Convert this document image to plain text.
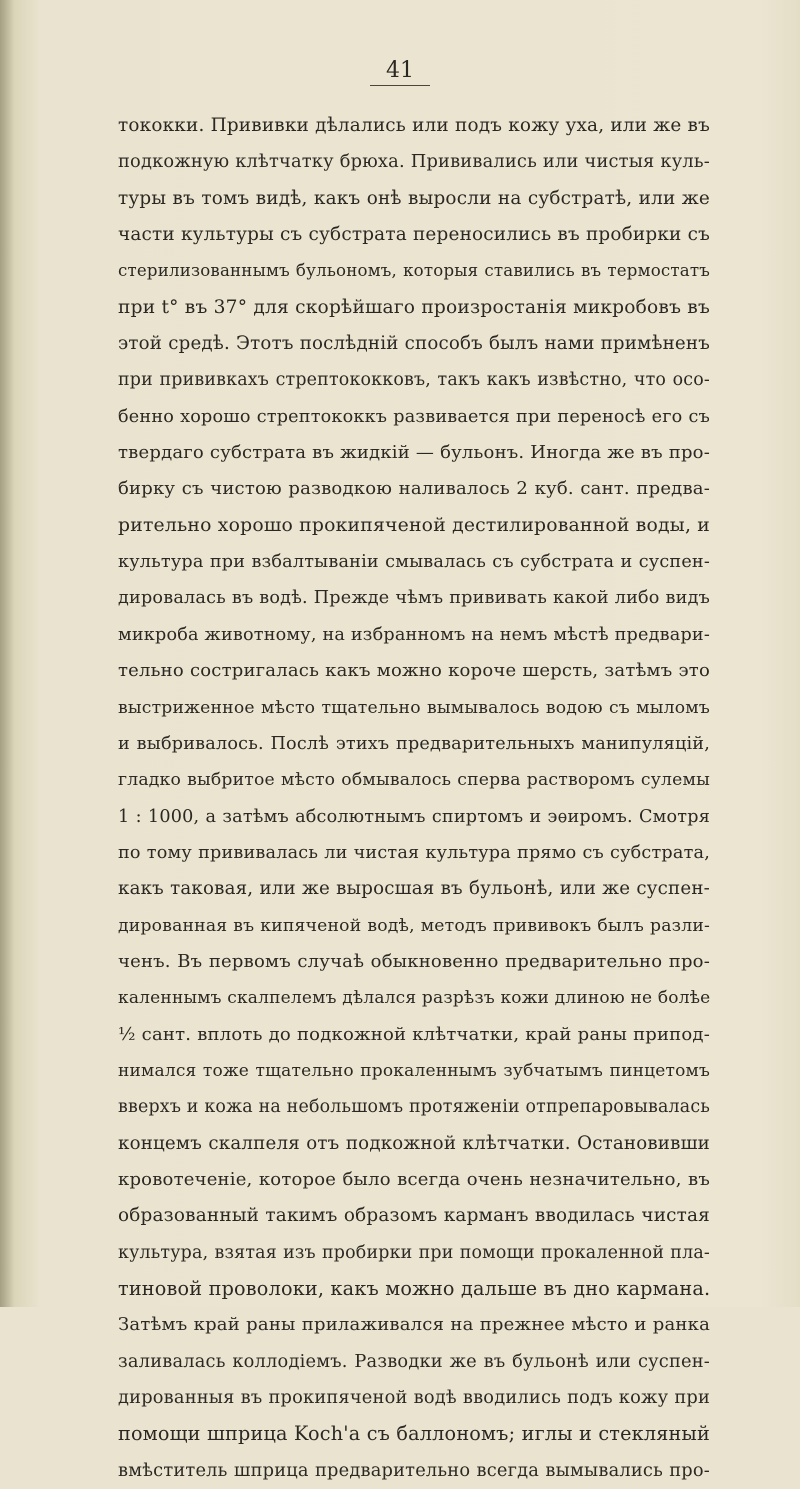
41
тококки. Прививки дѣлались или подъ кожу уха, или же въ
подкожную клѣтчатку брюха. Прививались или чистыя куль-
туры въ томъ видѣ, какъ онѣ выросли на субстратѣ, или же
части культуры съ субстрата переносились въ пробирки съ
стерилизованнымъ бульономъ, которыя ставились въ термостатъ
при t° въ 37° для скорѣйшаго произростанія микробовъ въ
этой средѣ. Этотъ послѣдній способъ былъ нами примѣненъ
при прививкахъ стрептококковъ, такъ какъ извѣстно, что осо-
бенно хорошо стрептококкъ развивается при переносѣ его съ
твердаго субстрата въ жидкій — бульонъ. Иногда же въ про-
бирку съ чистою разводкою наливалось 2 куб. сант. предва-
рительно хорошо прокипяченой дестилированной воды, и
культура при взбалтываніи смывалась съ субстрата и суспен-
дировалась въ водѣ. Прежде чѣмъ прививать какой либо видъ
микроба животному, на избранномъ на немъ мѣстѣ предвари-
тельно состригалась какъ можно короче шерсть, затѣмъ это
выстриженное мѣсто тщательно вымывалось водою съ мыломъ
и выбривалось. Послѣ этихъ предварительныхъ манипуляцій,
гладко выбритое мѣсто обмывалось сперва растворомъ сулемы
1 : 1000, а затѣмъ абсолютнымъ спиртомъ и эѳиромъ. Смотря
по тому прививалась ли чистая культура прямо съ субстрата,
какъ таковая, или же выросшая въ бульонѣ, или же суспен-
дированная въ кипяченой водѣ, методъ прививокъ былъ разли-
ченъ. Въ первомъ случаѣ обыкновенно предварительно про-
каленнымъ скалпелемъ дѣлался разрѣзъ кожи длиною не болѣе
½ сант. вплоть до подкожной клѣтчатки, край раны припод-
нимался тоже тщательно прокаленнымъ зубчатымъ пинцетомъ
вверхъ и кожа на небольшомъ протяженіи отпрепаровывалась
концемъ скалпеля отъ подкожной клѣтчатки. Остановивши
кровотеченіе, которое было всегда очень незначительно, въ
образованный такимъ образомъ карманъ вводилась чистая
культура, взятая изъ пробирки при помощи прокаленной пла-
тиновой проволоки, какъ можно дальше въ дно кармана.
Затѣмъ край раны прилаживался на прежнее мѣсто и ранка
заливалась коллодіемъ. Разводки же въ бульонѣ или суспен-
дированныя въ прокипяченой водѣ вводились подъ кожу при
помощи шприца Koch'а съ баллономъ; иглы и стекляный
вмѣститель шприца предварительно всегда вымывались про-
